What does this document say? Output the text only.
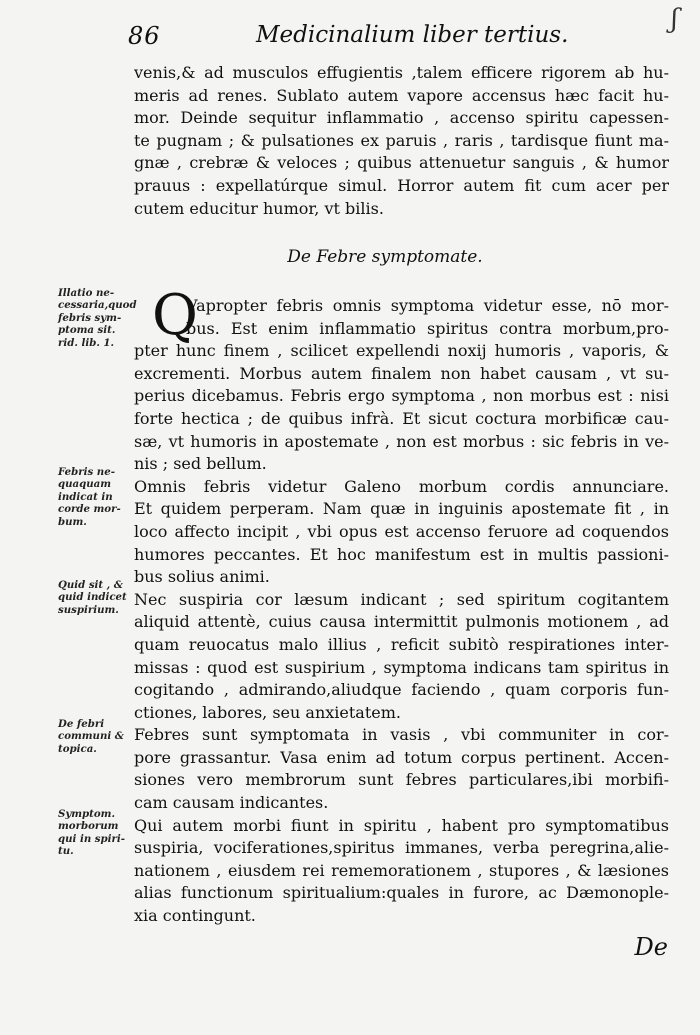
86	Medicinalium liber tertius.
ʃ
venis,& ad musculos effugientis ,talem efficere rigorem ab hu-
meris ad renes. Sublato autem vapore accensus hæc facit hu-
mor. Deinde sequitur inflammatio , accenso spiritu capessen-
te pugnam ; & pulsationes ex paruis , raris , tardisque fiunt ma-
gnæ , crebræ & veloces ; quibus attenuetur sanguis , & humor
prauus : expellatúrque simul. Horror autem fit cum acer per
cutem educitur humor, vt bilis.
De Febre symptomate.
Q
Illatio ne- cessaria,quod febris sym- ptoma sit. rid. lib. 1.
Febris ne- quaquam indicat in corde mor- bum.
Quid sit , & quid indicet suspirium.
De febri communi & topica.
Symptom. morborum qui in spiri- tu.
Vapropter febris omnis symptoma videtur esse, nō mor-
bus. Est enim inflammatio spiritus contra morbum,pro-
pter hunc finem , scilicet expellendi noxij humoris , vaporis, &
excrementi. Morbus autem finalem non habet causam , vt su-
perius dicebamus. Febris ergo symptoma , non morbus est : nisi
forte hectica ; de quibus infrà. Et sicut coctura morbificæ cau-
sæ, vt humoris in apostemate , non est morbus : sic febris in ve-
nis ; sed bellum.
Omnis febris videtur Galeno morbum cordis annunciare.
Et quidem perperam. Nam quæ in inguinis apostemate fit , in
loco affecto incipit , vbi opus est accenso feruore ad coquendos
humores peccantes. Et hoc manifestum est in multis passioni-
bus solius animi.
Nec suspiria cor læsum indicant ; sed spiritum cogitantem
aliquid attentè, cuius causa intermittit pulmonis motionem , ad
quam reuocatus malo illius , reficit subitò respirationes inter-
missas : quod est suspirium , symptoma indicans tam spiritus in
cogitando , admirando,aliudque faciendo , quam corporis fun-
ctiones, labores, seu anxietatem.
Febres sunt symptomata in vasis , vbi communiter in cor-
pore grassantur. Vasa enim ad totum corpus pertinent. Accen-
siones vero membrorum sunt febres particulares,ibi morbifi-
cam causam indicantes.
Qui autem morbi fiunt in spiritu , habent pro symptomatibus
suspiria, vociferationes,spiritus immanes, verba peregrina,alie-
nationem , eiusdem rei rememorationem , stupores , & læsiones
alias functionum spiritualium:quales in furore, ac Dæmonople-
xia contingunt.
De
